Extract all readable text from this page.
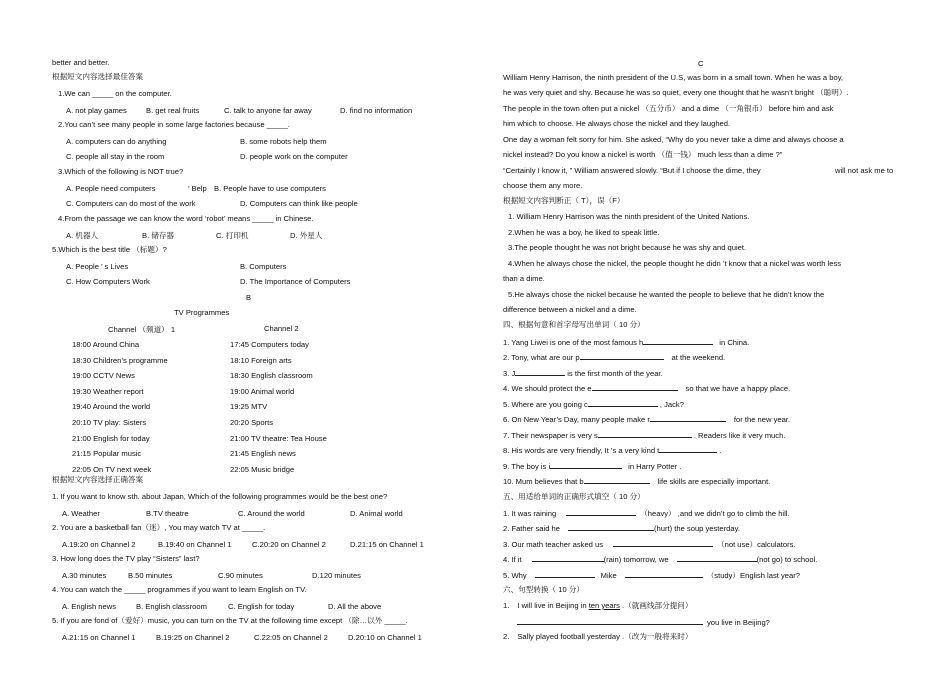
better and better.
根据短文内容选择最佳答案
1.We can _____ on the computer.
A. not play games	B. get real fruits	C. talk to anyone far away	D. find no information
2.You can’t see many people in some large factories because _____.
A. computers can do anything	B. some robots help them
C. people all stay in the room	D. people work on the computer
3.Which of the following is NOT true?
A. People need computers	’ Belp B. People have to use computers
C. Computers can do most of the work	D. Computers can think like people
4.From the passage we can know the word ‘robot’ means _____ in Chinese.
A. 机器人	B. 储存器	C. 打印机	D. 外星人
5.Which is the best title （标题）?
A. People ’ s Lives	B. Computers
C. How Computers Work	D. The Importance of Computers
B
TV Programmes
Channel （频道） 1	Channel 2
18:00 Around China	17:45 Computers today
18:30 Children’s programme	18:10 Foreign arts
19:00 CCTV News	18:30 English classroom
19:30 Weather report	19:00 Animal world
19:40 Around the world	19:25 MTV
20:10 TV play: Sisters	20:20 Sports
21:00 English for today	21:00 TV theatre: Tea House
21:15 Popular music	21:45 English news
22:05 On TV next week	22:05 Music bridge
根据短文内容选择正确答案
1. If you want to know sth. about Japan, Which of the following programmes would be the best one?
A. Weather	B.TV theatre	C. Around the world	D. Animal world
2. You are a basketball fan（迷）, You may watch TV at _____.
A.19:20 on Channel 2	B.19:40 on Channel 1	C.20:20 on Channel 2	D.21:15 on Channel 1
3. How long does the TV play “Sisters” last?
A.30 minutes	B.50 minutes	C.90 minutes	D.120 minutes
4. You can watch the _____ programmes if you want to learn English on TV.
A. English news	B. English classroom	C. English for today	D. All the above
5. If you are fond of（爱好）music, you can turn on the TV at the following time except （除…以外 _____.
A.21:15 on Channel 1	B.19:25 on Channel 2	C.22:05 on Channel 2	D.20:10 on Channel 1
C
William Henry Harrison, the ninth president of the U.S, was born in a small town. When he was a boy,
he was very quiet and shy. Because he was so quiet, every one thought that he wasn’t bright （聪明）.
The people in the town often put a nickel （五分币） and a dime （一角银币） before him and ask
him which to choose. He always chose the nickel and they laughed.
One day a woman felt sorry for him. She asked, “Why do you never take a dime and always choose a
nickel instead? Do you know a nickel is worth （值一钱） much less than a dime ?”
“Certainly I know it, ” William answered slowly. “But if I choose the dime, they	will not ask me to
choose them any more.
根据短文内容判断正（ T），误（F）
1. William Henry Harrison was the ninth president of the United Nations.
2.When he was a boy, he liked to speak little.
3.The people thought he was not bright because he was shy and quiet.
4.When he always chose the nickel, the people thought he didn ’t know that a nickel was worth less
than a dime.
5.He always chose the nickel because he wanted the people to believe that he didn’t know the
difference between a nickel and a dime.
四、根据句意和首字母写出单词（ 10 分）
1. Yang Liwei is one of the most famous h	in China.
2. Tony, what are our p	at the weekend.
3. J	is the first month of the year.
4. We should protect the e	so that we have a happy place.
5. Where are you going c	, Jack?
6. On New Year’s Day, many people make r	for the new year.
7. Their newspaper is very s	. Readers like it very much.
8. His words are very friendly, It ’s a very kind t	.
9. The boy is i	in Harry Potter .
10. Mum believes that b	life skills are especially important.
五、用适给单词的正确形式填空（ 10 分）
1. It was raining	（heavy） ,and we didn’t go to climb the hill.
2. Father said he	(hurt) the soup yesterday.
3. Our math teacher asked us	（not use）calculators.
4. If it	(rain) tomorrow, we	(not go) to school.
5. Why	Mike	（study）English last year?
六、句型转换（ 10 分）
1. I will live in Beijing in ten years .（就画线部分提问）
you live in Beijing?
2. Sally played football yesterday .（改为一般将来时）
